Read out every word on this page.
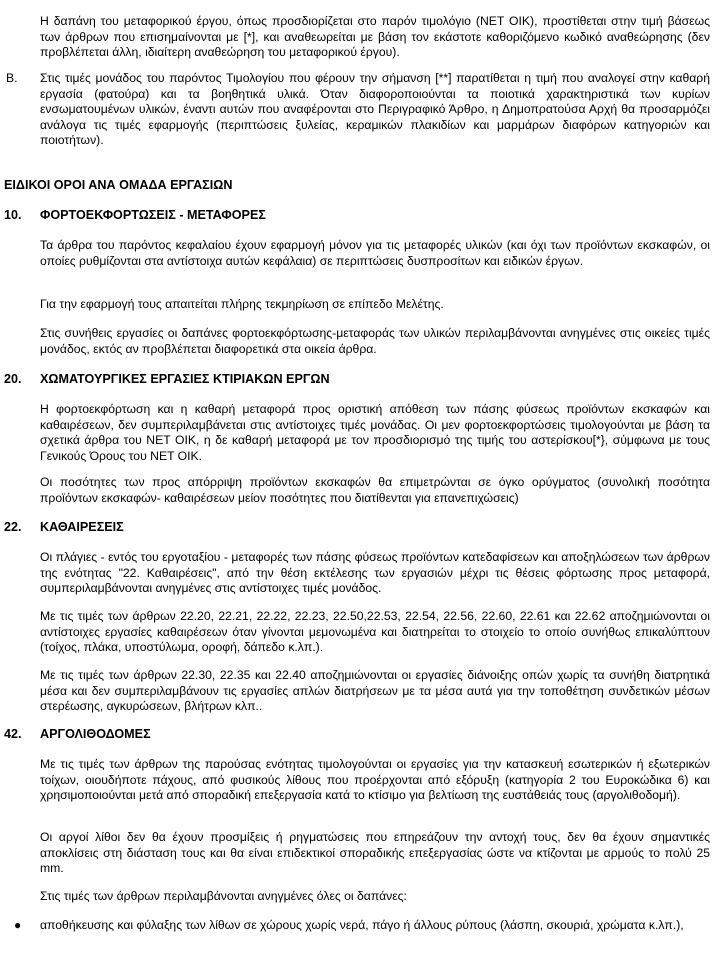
Η δαπάνη του μεταφορικού έργου, όπως προσδιορίζεται στο παρόν τιμολόγιο (ΝΕΤ ΟΙΚ), προστίθεται στην τιμή βάσεως των άρθρων που επισημαίνονται με [*], και αναθεωρείται με βάση τον εκάστοτε καθοριζόμενο κωδικό αναθεώρησης (δεν προβλέπεται άλλη, ιδιαίτερη αναθεώρηση του μεταφορικού έργου).

Β. Στις τιμές μονάδος του παρόντος Τιμολογίου που φέρουν την σήμανση [**] παρατίθεται η τιμή που αναλογεί στην καθαρή εργασία (φατούρα) και τα βοηθητικά υλικά. Όταν διαφοροποιούνται τα ποιοτικά χαρακτηριστικά των κυρίων ενσωματουμένων υλικών, έναντι αυτών που αναφέρονται στο Περιγραφικό Άρθρο, η Δημοπρατούσα Αρχή θα προσαρμόζει ανάλογα τις τιμές εφαρμογής (περιπτώσεις ξυλείας, κεραμικών πλακιδίων και μαρμάρων διαφόρων κατηγοριών και ποιοτήτων).

ΕΙΔΙΚΟΙ ΟΡΟΙ ΑΝΑ ΟΜΑΔΑ ΕΡΓΑΣΙΩΝ
10. ΦΟΡΤΟΕΚΦΟΡΤΩΣΕΙΣ - ΜΕΤΑΦΟΡΕΣ

Τα άρθρα του παρόντος κεφαλαίου έχουν εφαρμογή μόνον για τις μεταφορές υλικών (και όχι των προϊόντων εκσκαφών, οι οποίες ρυθμίζονται στα αντίστοιχα αυτών κεφάλαια) σε περιπτώσεις δυσπροσίτων και ειδικών έργων.

Για την εφαρμογή τους απαιτείται πλήρης τεκμηρίωση σε επίπεδο Μελέτης.

Στις συνήθεις εργασίες οι δαπάνες φορτοεκφόρτωσης-μεταφοράς των υλικών περιλαμβάνονται ανηγμένες στις οικείες τιμές μονάδος, εκτός αν προβλέπεται διαφορετικά στα οικεία άρθρα.

20. ΧΩΜΑΤΟΥΡΓΙΚΕΣ ΕΡΓΑΣΙΕΣ ΚΤΙΡΙΑΚΩΝ ΕΡΓΩΝ

Η φορτοεκφόρτωση και η καθαρή μεταφορά προς οριστική απόθεση των πάσης φύσεως προϊόντων εκσκαφών και καθαιρέσεων, δεν συμπεριλαμβάνεται στις αντίστοιχες τιμές μονάδας. Οι μεν φορτοεκφορτώσεις τιμολογούνται με βάση τα σχετικά άρθρα του ΝΕΤ ΟΙΚ, η δε καθαρή μεταφορά με τον προσδιορισμό της τιμής του αστερίσκου[*}, σύμφωνα με τους Γενικούς Όρους του ΝΕΤ ΟΙΚ.

Οι ποσότητες των προς απόρριψη προϊόντων εκσκαφών θα επιμετρώνται σε όγκο ορύγματος (συνολική ποσότητα προϊόντων εκσκαφών- καθαιρέσεων μείον ποσότητες που διατίθενται για επανεπιχώσεις)

22. ΚΑΘΑΙΡΕΣΕΙΣ

Οι πλάγιες - εντός του εργοταξίου - μεταφορές των πάσης φύσεως προϊόντων κατεδαφίσεων και αποξηλώσεων των άρθρων της ενότητας "22. Καθαιρέσεις", από την θέση εκτέλεσης των εργασιών μέχρι τις θέσεις φόρτωσης προς μεταφορά, συμπεριλαμβάνονται ανηγμένες στις αντίστοιχες τιμές μονάδος.

Με τις τιμές των άρθρων 22.20, 22.21, 22.22, 22.23, 22.50,22.53, 22.54, 22.56, 22.60, 22.61 και 22.62 αποζημιώνονται οι αντίστοιχες εργασίες καθαιρέσεων όταν γίνονται μεμονωμένα και διατηρείται το στοιχείο το οποίο συνήθως επικαλύπτουν (τοίχος, πλάκα, υποστύλωμα, οροφή, δάπεδο κ.λπ.).

Με τις τιμές των άρθρων 22.30, 22.35 και 22.40 αποζημιώνονται οι εργασίες διάνοιξης οπών χωρίς τα συνήθη διατρητικά μέσα και δεν συμπεριλαμβάνουν τις εργασίες απλών διατρήσεων με τα μέσα αυτά για την τοποθέτηση συνδετικών μέσων στερέωσης, αγκυρώσεων, βλήτρων κλπ..

42. ΑΡΓΟΛΙΘΟΔΟΜΕΣ

Με τις τιμές των άρθρων της παρούσας ενότητας τιμολογούνται οι εργασίες για την κατασκευή εσωτερικών ή εξωτερικών τοίχων, οιουδήποτε πάχους, από φυσικούς λίθους που προέρχονται από εξόρυξη (κατηγορία 2 του Ευροκώδικα 6) και χρησιμοποιούνται μετά από σποραδική επεξεργασία κατά το κτίσιμο για βελτίωση της ευστάθειάς τους (αργολιθοδομή).

Οι αργοί λίθοι δεν θα έχουν προσμίξεις ή ρηγματώσεις που επηρεάζουν την αντοχή τους, δεν θα έχουν σημαντικές αποκλίσεις στη διάσταση τους και θα είναι επιδεκτικοί σποραδικής επεξεργασίας ώστε να κτίζονται με αρμούς το πολύ 25 mm.

Στις τιμές των άρθρων περιλαμβάνονται ανηγμένες όλες οι δαπάνες:

● αποθήκευσης και φύλαξης των λίθων σε χώρους χωρίς νερά, πάγο ή άλλους ρύπους (λάσπη, σκουριά, χρώματα κ.λπ.),
